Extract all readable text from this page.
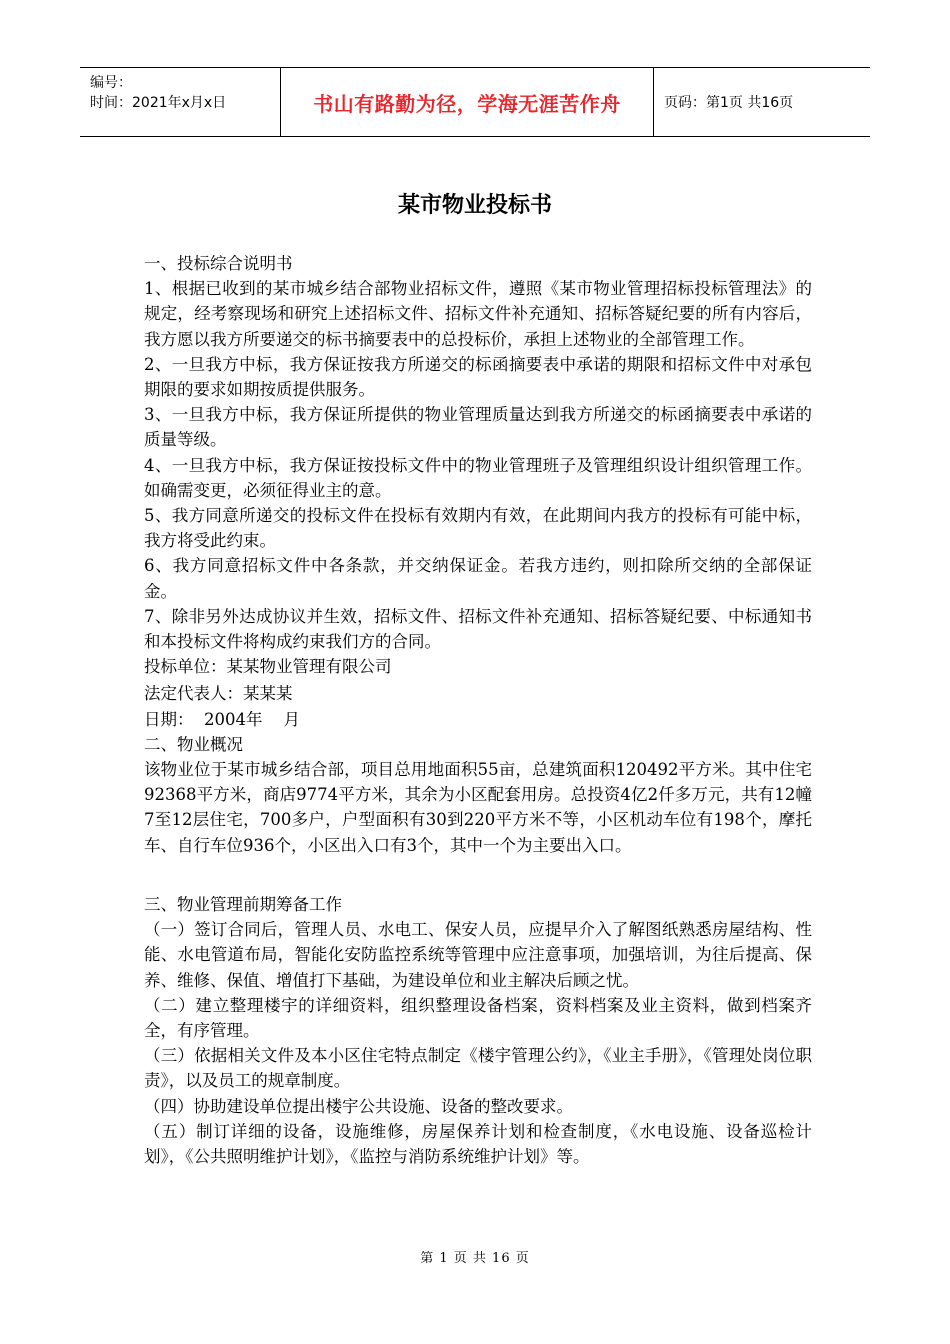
编号：
时间：2021年x月x日	书山有路勤为径，学海无涯苦作舟	页码：第1页 共16页
某市物业投标书

一、投标综合说明书

1、根据已收到的某市城乡结合部物业招标文件，遵照《某市物业管理招标投标管理法》的规定，经考察现场和研究上述招标文件、招标文件补充通知、招标答疑纪要的所有内容后，我方愿以我方所要递交的标书摘要表中的总投标价，承担上述物业的全部管理工作。

2、一旦我方中标，我方保证按我方所递交的标函摘要表中承诺的期限和招标文件中对承包期限的要求如期按质提供服务。

3、一旦我方中标，我方保证所提供的物业管理质量达到我方所递交的标函摘要表中承诺的质量等级。

4、一旦我方中标，我方保证按投标文件中的物业管理班子及管理组织设计组织管理工作。如确需变更，必须征得业主的意。

5、我方同意所递交的投标文件在投标有效期内有效，在此期间内我方的投标有可能中标，我方将受此约束。

6、我方同意招标文件中各条款，并交纳保证金。若我方违约，则扣除所交纳的全部保证金。

7、除非另外达成协议并生效，招标文件、招标文件补充通知、招标答疑纪要、中标通知书和本投标文件将构成约束我们方的合同。

投标单位：某某物业管理有限公司

法定代表人：某某某

日期：  2004年    月

二、物业概况

该物业位于某市城乡结合部，项目总用地面积55亩，总建筑面积120492平方米。其中住宅92368平方米，商店9774平方米，其余为小区配套用房。总投资4亿2仟多万元，共有12幢7至12层住宅，700多户，户型面积有30到220平方米不等，小区机动车位有198个，摩托车、自行车位936个，小区出入口有3个，其中一个为主要出入口。

三、物业管理前期筹备工作

（一）签订合同后，管理人员、水电工、保安人员，应提早介入了解图纸熟悉房屋结构、性能、水电管道布局，智能化安防监控系统等管理中应注意事项，加强培训，为往后提高、保养、维修、保值、增值打下基础，为建设单位和业主解决后顾之忧。

（二）建立整理楼宇的详细资料，组织整理设备档案，资料档案及业主资料，做到档案齐全，有序管理。

（三）依据相关文件及本小区住宅特点制定《楼宇管理公约》，《业主手册》，《管理处岗位职责》，以及员工的规章制度。

（四）协助建设单位提出楼宇公共设施、设备的整改要求。

（五）制订详细的设备，设施维修，房屋保养计划和检查制度，《水电设施、设备巡检计划》，《公共照明维护计划》，《监控与消防系统维护计划》等。

第 1 页 共 16 页
